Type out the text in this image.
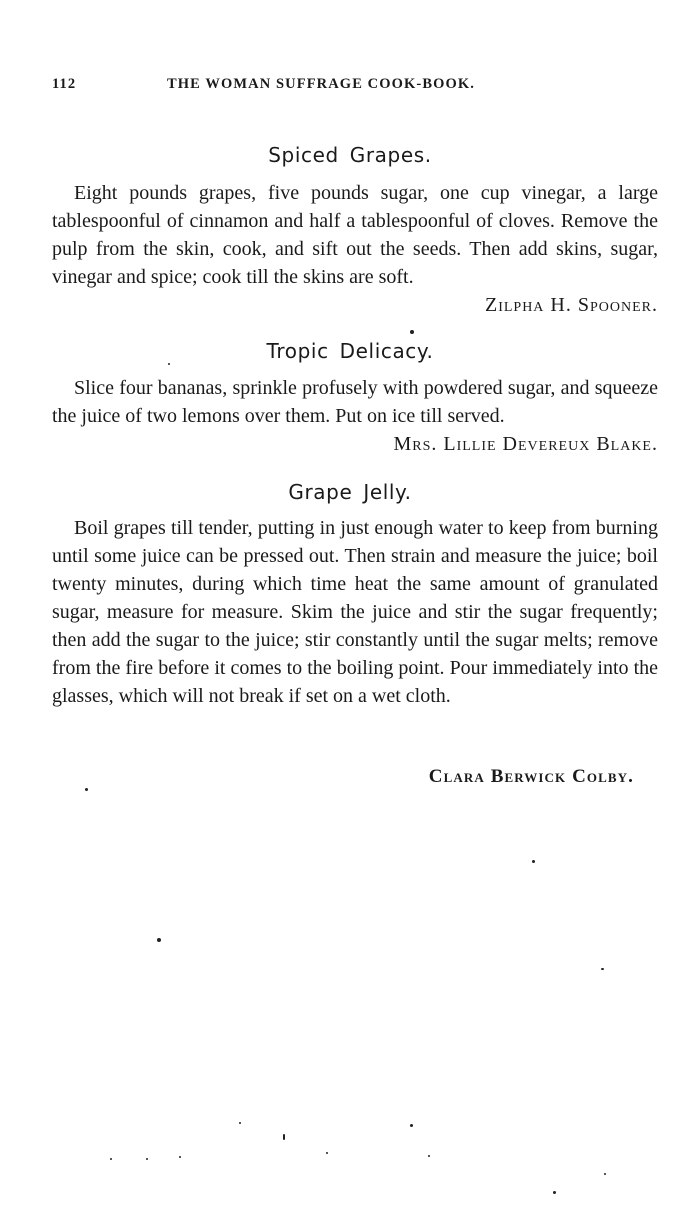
112	THE WOMAN SUFFRAGE COOK-BOOK.
Spiced Grapes.

Eight pounds grapes, five pounds sugar, one cup vinegar, a large tablespoonful of cinnamon and half a tablespoonful of cloves. Remove the pulp from the skin, cook, and sift out the seeds. Then add skins, sugar, vinegar and spice; cook till the skins are soft.
Zilpha H. Spooner.

Tropic Delicacy.

Slice four bananas, sprinkle profusely with powdered sugar, and squeeze the juice of two lemons over them. Put on ice till served.
Mrs. Lillie Devereux Blake.

Grape Jelly.

Boil grapes till tender, putting in just enough water to keep from burning until some juice can be pressed out. Then strain and measure the juice; boil twenty minutes, during which time heat the same amount of granulated sugar, measure for measure. Skim the juice and stir the sugar frequently; then add the sugar to the juice; stir constantly until the sugar melts; remove from the fire before it comes to the boiling point. Pour immediately into the glasses, which will not break if set on a wet cloth.

Clara Berwick Colby.
